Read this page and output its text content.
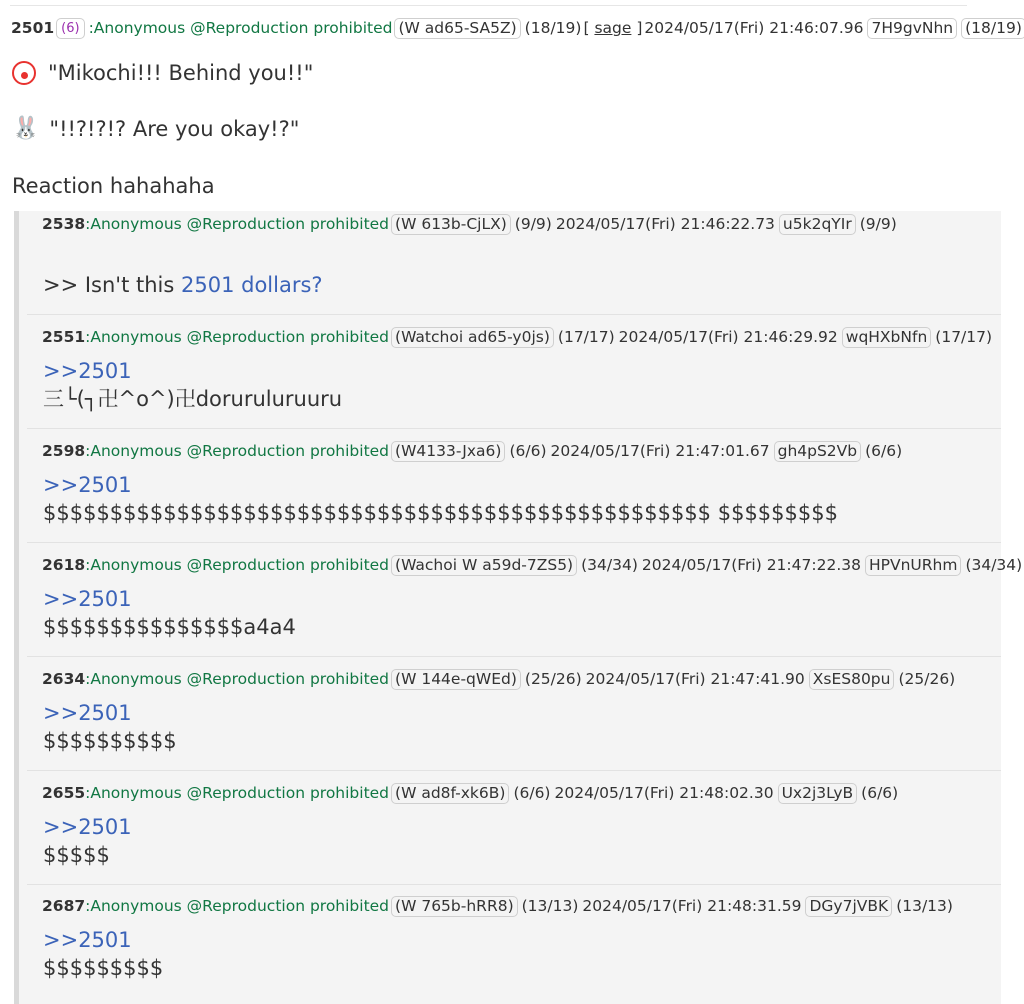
2501 (6) :Anonymous @Reproduction prohibited (W ad65-SA5Z) (18/19) [
sage
] 2024/05/17(Fri) 21:46:07.96 7H9gvNhn (18/19)
"Mikochi!!! Behind you!!"
🐰 "!!?!?!? Are you okay!?"
Reaction hahahaha
2538 :Anonymous @Reproduction prohibited (W 613b-CjLX) (9/9) 2024/05/17(Fri) 21:46:22.73 u5k2qYIr (9/9)
>> Isn't this 2501 dollars?
2551 :Anonymous @Reproduction prohibited (Watchoi ad65-y0js) (17/17) 2024/05/17(Fri) 21:46:29.92 wqHXbNfn (17/17)
>>2501
三└(┐卍^o^)卍doruruluruuru
2598 :Anonymous @Reproduction prohibited (W4133-Jxa6) (6/6) 2024/05/17(Fri) 21:47:01.67 gh4pS2Vb (6/6)
>>2501
$$$$$$$$$$$$$$$$$$$$$$$$$$$$$$$$$$$$$$$$$$$$$$$$$$ $$$$$$$$$
2618 :Anonymous @Reproduction prohibited (Wachoi W a59d-7ZS5) (34/34) 2024/05/17(Fri) 21:47:22.38 HPVnURhm (34/34)
>>2501
$$$$$$$$$$$$$$$a4a4
2634 :Anonymous @Reproduction prohibited (W 144e-qWEd) (25/26) 2024/05/17(Fri) 21:47:41.90 XsES80pu (25/26)
>>2501
$$$$$$$$$$
2655 :Anonymous @Reproduction prohibited (W ad8f-xk6B) (6/6) 2024/05/17(Fri) 21:48:02.30 Ux2j3LyB (6/6)
>>2501
$$$$$
2687 :Anonymous @Reproduction prohibited (W 765b-hRR8) (13/13) 2024/05/17(Fri) 21:48:31.59 DGy7jVBK (13/13)
>>2501
$$$$$$$$$
